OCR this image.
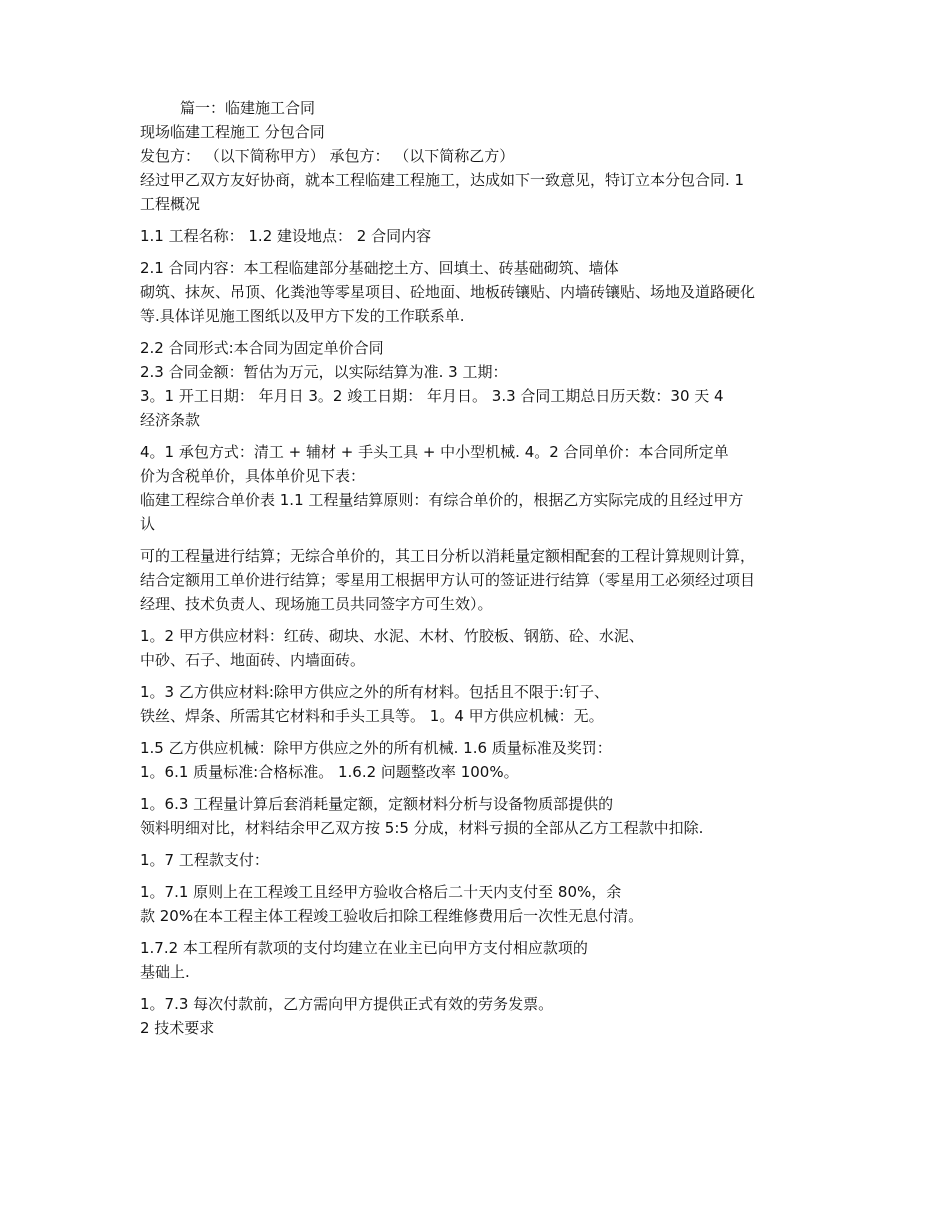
篇一：临建施工合同
现场临建工程施工 分包合同
发包方： （以下简称甲方） 承包方： （以下简称乙方）
经过甲乙双方友好协商，就本工程临建工程施工，达成如下一致意见，特订立本分包合同. 1
工程概况
1.1 工程名称： 1.2 建设地点： 2 合同内容
2.1 合同内容：本工程临建部分基础挖土方、回填土、砖基础砌筑、墙体
砌筑、抹灰、吊顶、化粪池等零星项目、砼地面、地板砖镶贴、内墙砖镶贴、场地及道路硬化
等.具体详见施工图纸以及甲方下发的工作联系单.
2.2 合同形式:本合同为固定单价合同
2.3 合同金额：暂估为万元，以实际结算为准. 3 工期：
3。1 开工日期： 年月日 3。2 竣工日期： 年月日。 3.3 合同工期总日历天数：30 天 4
经济条款
4。1 承包方式：清工 + 辅材 + 手头工具 + 中小型机械. 4。2 合同单价：本合同所定单
价为含税单价，具体单价见下表：
临建工程综合单价表 1.1 工程量结算原则：有综合单价的，根据乙方实际完成的且经过甲方
认
可的工程量进行结算；无综合单价的，其工日分析以消耗量定额相配套的工程计算规则计算，
结合定额用工单价进行结算；零星用工根据甲方认可的签证进行结算（零星用工必须经过项目
经理、技术负责人、现场施工员共同签字方可生效）。
1。2 甲方供应材料：红砖、砌块、水泥、木材、竹胶板、钢筋、砼、水泥、
中砂、石子、地面砖、内墙面砖。
1。3 乙方供应材料:除甲方供应之外的所有材料。包括且不限于:钉子、
铁丝、焊条、所需其它材料和手头工具等。 1。4 甲方供应机械：无。
1.5 乙方供应机械：除甲方供应之外的所有机械. 1.6 质量标准及奖罚：
1。6.1 质量标准:合格标准。 1.6.2 问题整改率 100%。
1。6.3 工程量计算后套消耗量定额，定额材料分析与设备物质部提供的
领料明细对比，材料结余甲乙双方按 5:5 分成，材料亏损的全部从乙方工程款中扣除.
1。7 工程款支付：
1。7.1 原则上在工程竣工且经甲方验收合格后二十天内支付至 80%，余
款 20%在本工程主体工程竣工验收后扣除工程维修费用后一次性无息付清。
1.7.2 本工程所有款项的支付均建立在业主已向甲方支付相应款项的
基础上.
1。7.3 每次付款前，乙方需向甲方提供正式有效的劳务发票。
2 技术要求
